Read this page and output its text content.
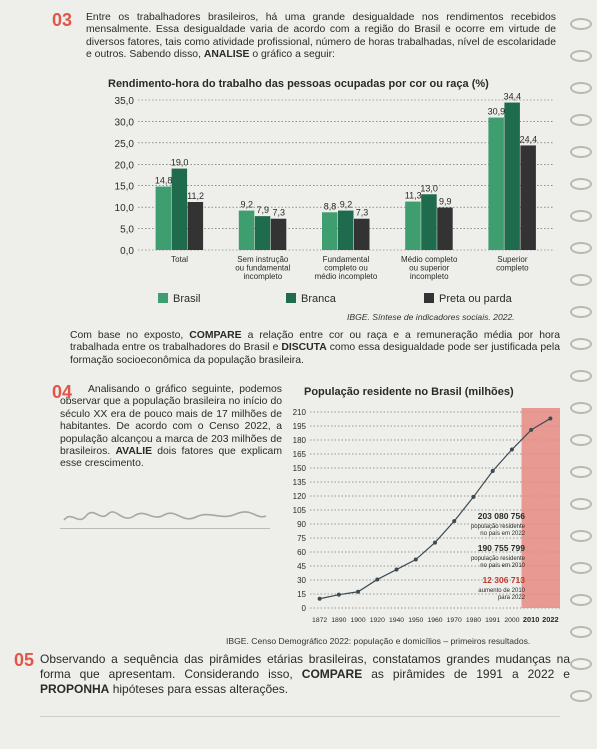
03 Entre os trabalhadores brasileiros, há uma grande desigualdade nos rendimentos recebidos mensalmente. Essa desigualdade varia de acordo com a região do Brasil e ocorre em virtude de diversos fatores, tais como atividade profissional, número de horas trabalhadas, nível de escolaridade e outros. Sabendo disso, ANALISE o gráfico a seguir:
Rendimento-hora do trabalho das pessoas ocupadas por cor ou raça (%)
0,0
5,0
10,0
15,0
20,0
25,0
30,0
35,0
14,8
19,0
11,2
9,2
7,9 7,3
8,8 9,2
7,3
11,3
13,0
9,9
30,9
34,4
24,4
Total	Sem instrução
ou fundamental
incompleto
Fundamental
completo ou
médio incompleto
Médio completo
ou superior
incompleto
Superior
completo
Brasil	Branca	Preta ou parda
IBGE. Síntese de indicadores sociais. 2022.
Com base no exposto, COMPARE a relação entre cor ou raça e a remuneração média por hora trabalhada entre os trabalhadores do Brasil e DISCUTA como essa desigualdade pode ser justificada pela formação socioeconômica da população brasileira.
04	Analisando o gráfico seguinte, podemos observar que a população brasileira no início do século XX era de pouco mais de 17 milhões de habitantes. De acordo com o Censo 2022, a população alcançou a marca de 203 milhões de brasileiros. AVALIE dois fatores que explicam esse crescimento.
População residente no Brasil (milhões)
0
15
30
45
60
75
90
105
120
135
150
165
180
195
210
1872 1890 1900 1920 1940 1950 1960 1970 1980 1991 2000 2010 2022
203 080 756
população residente
no país em 2022
190 755 799
população residente
no país em 2010
12 306 713
aumento de 2010
para 2022
IBGE. Censo Demográfico 2022: população e domicílios – primeiros resultados.
05 Observando a sequência das pirâmides etárias brasileiras, constatamos grandes mudanças na forma que apresentam. Considerando isso, COMPARE as pirâmides de 1991 a 2022 e PROPONHA hipóteses para essas alterações.
